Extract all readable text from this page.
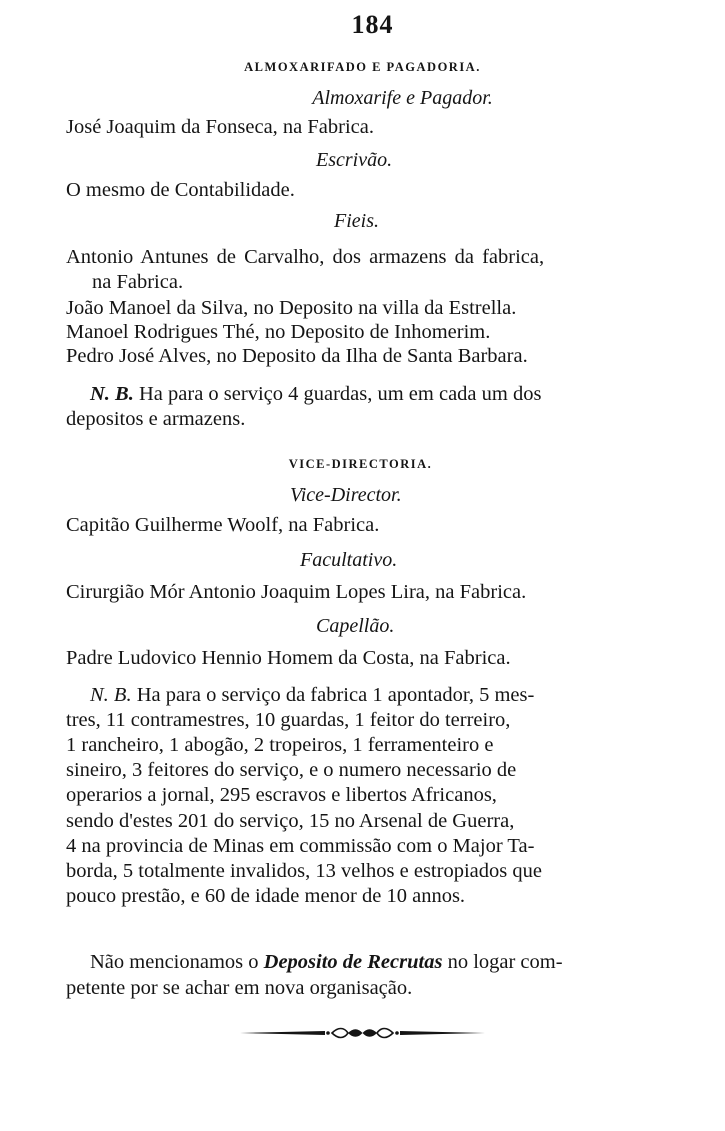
184
ALMOXARIFADO E PAGADORIA.
Almoxarife e Pagador.
José Joaquim da Fonseca, na Fabrica.
Escrivão.
O mesmo de Contabilidade.
Fieis.
Antonio Antunes de Carvalho, dos armazens da fabrica,
na Fabrica.
João Manoel da Silva, no Deposito na villa da Estrella.
Manoel Rodrigues Thé, no Deposito de Inhomerim.
Pedro José Alves, no Deposito da Ilha de Santa Barbara.
N. B. Ha para o serviço 4 guardas, um em cada um dos
depositos e armazens.
VICE-DIRECTORIA.
Vice-Director.
Capitão Guilherme Woolf, na Fabrica.
Facultativo.
Cirurgião Mór Antonio Joaquim Lopes Lira, na Fabrica.
Capellão.
Padre Ludovico Hennio Homem da Costa, na Fabrica.
N. B. Ha para o serviço da fabrica 1 apontador, 5 mes-
tres, 11 contramestres, 10 guardas, 1 feitor do terreiro,
1 rancheiro, 1 abogão, 2 tropeiros, 1 ferramenteiro e
sineiro, 3 feitores do serviço, e o numero necessario de
operarios a jornal, 295 escravos e libertos Africanos,
sendo d'estes 201 do serviço, 15 no Arsenal de Guerra,
4 na provincia de Minas em commissão com o Major Ta-
borda, 5 totalmente invalidos, 13 velhos e estropiados que
pouco prestão, e 60 de idade menor de 10 annos.
Não mencionamos o Deposito de Recrutas no logar com-
petente por se achar em nova organisação.
